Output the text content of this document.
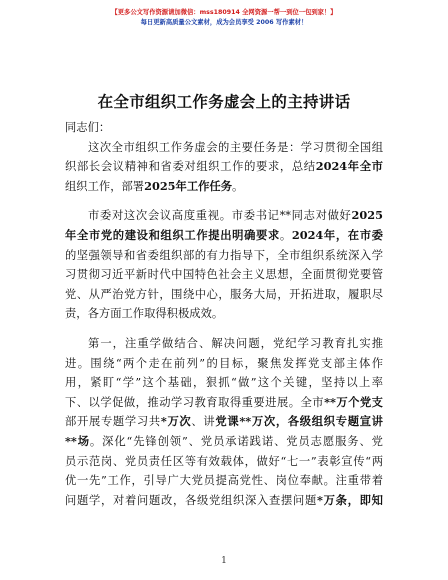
【更多公文写作资源请加微信：mss180914 全网资源一帮一到位一包到家！】
每日更新高质量公文素材，成为会员享受 2006 写作素材！
在全市组织工作务虚会上的主持讲话
同志们：
这次全市组织工作务虚会的主要任务是：学习贯彻全国组
织部长会议精神和省委对组织工作的要求，总结2024年全市
组织工作，部署2025年工作任务。
市委对这次会议高度重视。市委书记**同志对做好2025
年全市党的建设和组织工作提出明确要求。2024年，在市委
的坚强领导和省委组织部的有力指导下，全市组织系统深入学
习贯彻习近平新时代中国特色社会主义思想，全面贯彻党要管
党、从严治党方针，围绕中心，服务大局，开拓进取，履职尽
责，各方面工作取得积极成效。
第一，注重学做结合、解决问题，党纪学习教育扎实推
进。围绕“两个走在前列”的目标，聚焦发挥党支部主体作
用，紧盯“学”这个基础，狠抓“做”这个关键，坚持以上率
下、以学促做，推动学习教育取得重要进展。全市**万个党支
部开展专题学习共*万次、讲党课**万次，各级组织专题宣讲
**场。深化“先锋创领”、党员承诺践诺、党员志愿服务、党
员示范岗、党员责任区等有效载体，做好“七一”表彰宣传“两
优一先”工作，引导广大党员提高党性、岗位奉献。注重带着
问题学，对着问题改，各级党组织深入查摆问题*万条，即知
1
